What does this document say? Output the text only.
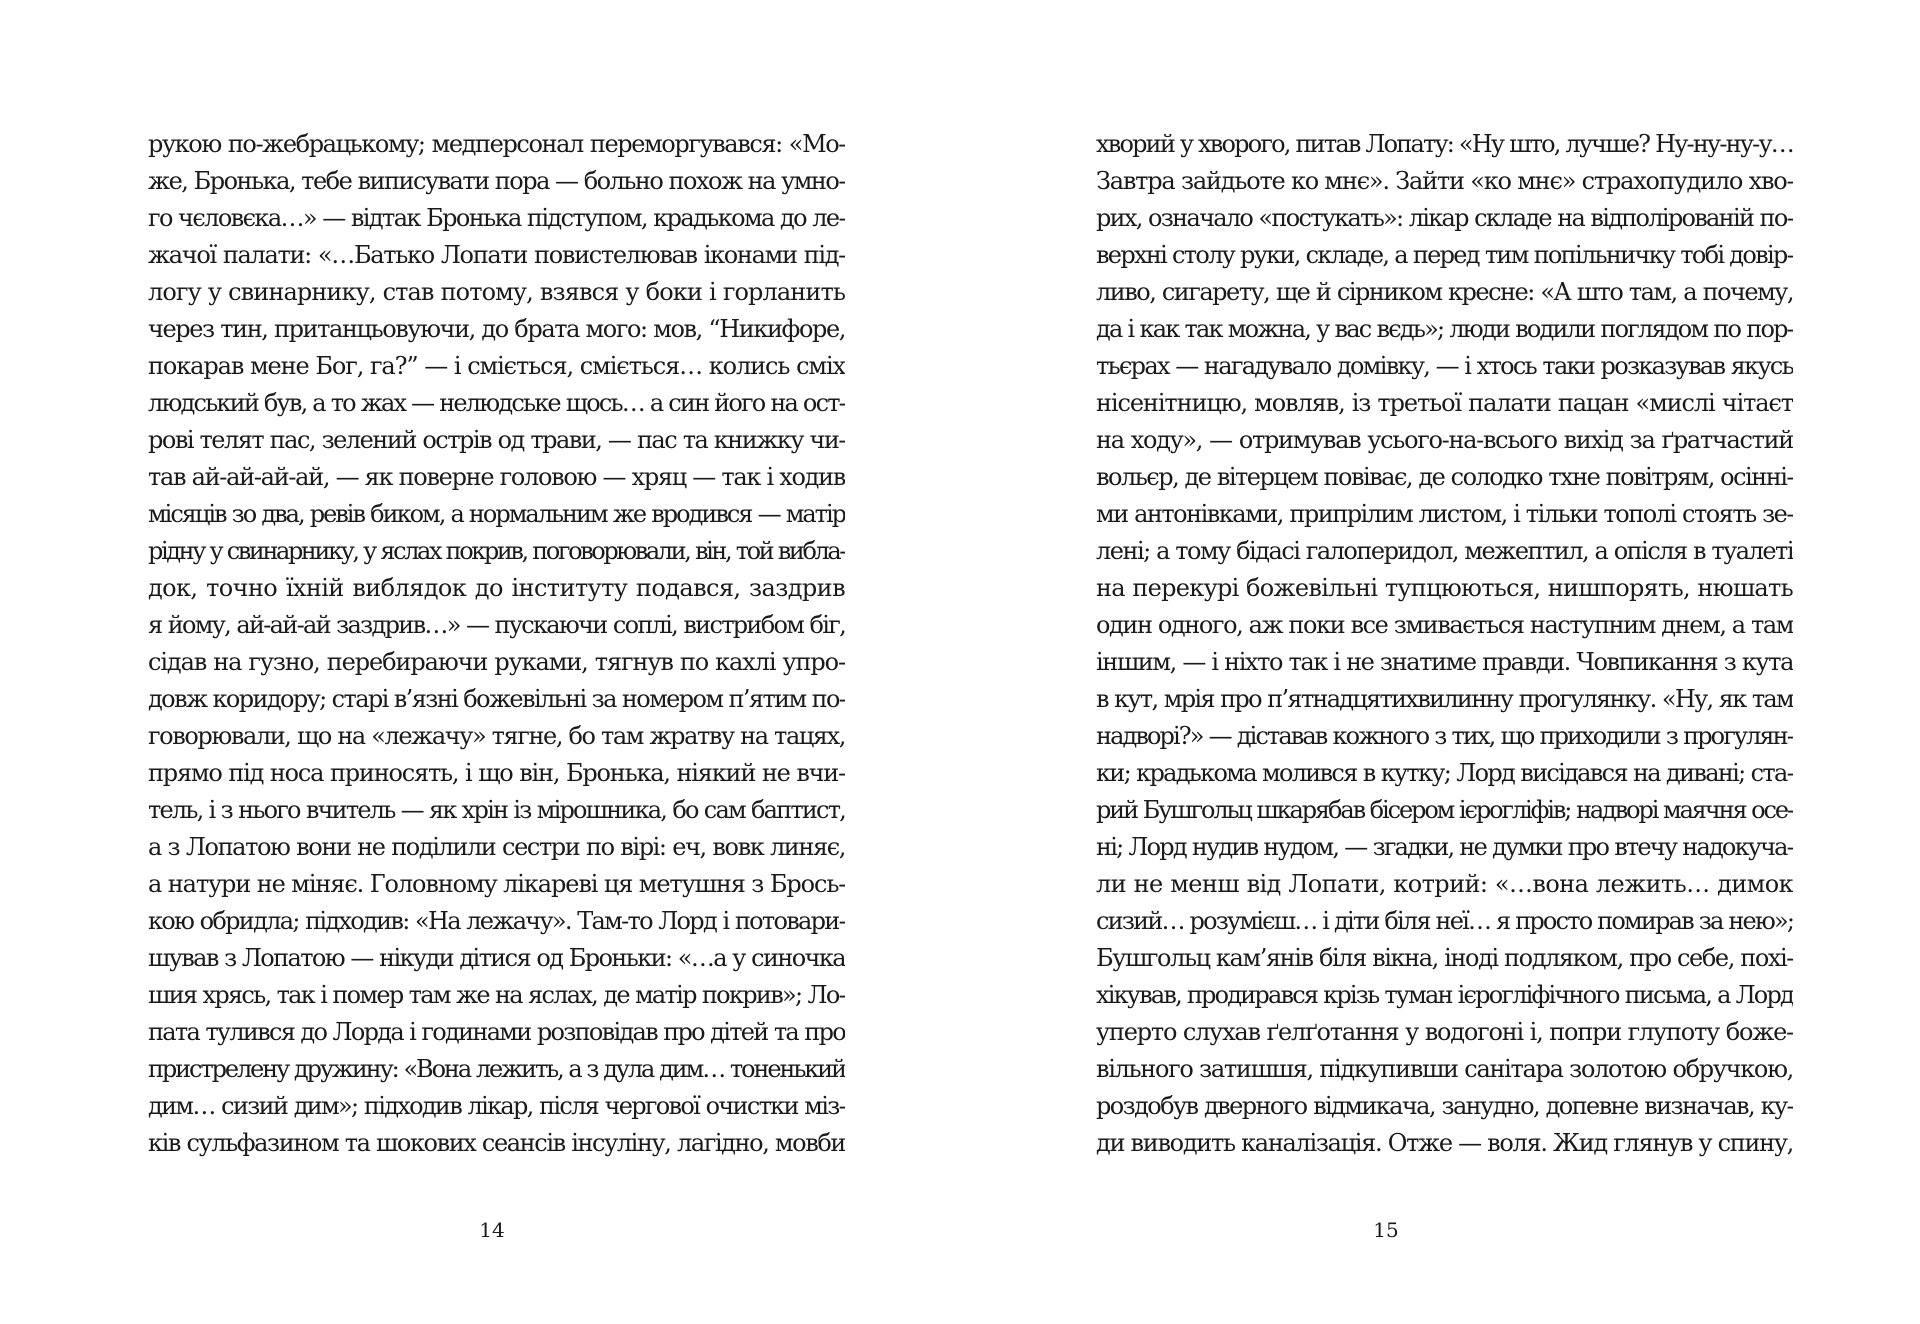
рукою по-жебрацькому; медперсонал переморгувався: «Мо-
же, Бронька, тебе виписувати пора — больно похож на умно-
го чєловєка…» — відтак Бронька підступом, крадькома до ле-
жачої палати: «…Батько Лопати повистелював іконами під-
логу у свинарнику, став потому, взявся у боки і горланить
через тин, пританцьовуючи, до брата мого: мов, “Никифоре,
покарав мене Бог, га?” — і сміється, сміється… колись сміх
людський був, а то жах — нелюдське щось… а син його на ост-
рові телят пас, зелений острів од трави, — пас та книжку чи-
тав ай-ай-ай-ай, — як поверне головою — хряц — так і ходив
місяців зо два, ревів биком, а нормальним же вродився — матір
рідну у свинарнику, у яслах покрив, поговорювали, він, той вибла-
док, точно їхній виблядок до інституту подався, заздрив
я йому, ай-ай-ай заздрив…» — пускаючи соплі, вистрибом біг,
сідав на гузно, перебираючи руками, тягнув по кахлі упро-
довж коридору; старі в’язні божевільні за номером п’ятим по-
говорювали, що на «лежачу» тягне, бо там жратву на тацях,
прямо під носа приносять, і що він, Бронька, ніякий не вчи-
тель, і з нього вчитель — як хрін із мірошника, бо сам баптист,
а з Лопатою вони не поділили сестри по вірі: еч, вовк линяє,
а натури не міняє. Головному лікареві ця метушня з Брось-
кою обридла; підходив: «На лежачу». Там-то Лорд і потовари-
шував з Лопатою — нікуди дітися од Броньки: «…а у синочка
шия хрясь, так і помер там же на яслах, де матір покрив»; Ло-
пата тулився до Лорда і годинами розповідав про дітей та про
пристрелену дружину: «Вона лежить, а з дула дим… тоненький
дим… сизий дим»; підходив лікар, після чергової очистки міз-
ків сульфазином та шокових сеансів інсуліну, лагідно, мовби
14
хворий у хворого, питав Лопату: «Ну што, лучше? Ну-ну-ну-у…
Завтра зайдьоте ко мнє». Зайти «ко мнє» страхопудило хво-
рих, означало «постукать»: лікар складе на відполірованій по-
верхні столу руки, складе, а перед тим попільничку тобі довір-
ливо, сигарету, ще й сірником кресне: «А што там, а почему,
да і как так можна, у вас вєдь»; люди водили поглядом по пор-
тьєрах — нагадувало домівку, — і хтось таки розказував якусь
нісенітницю, мовляв, із третьої палати пацан «мислі чітаєт
на ходу», — отримував усього-на-всього вихід за ґратчастий
вольєр, де вітерцем повіває, де солодко тхне повітрям, осінні-
ми антонівками, припрілим листом, і тільки тополі стоять зе-
лені; а тому бідасі галоперидол, межептил, а опісля в туалеті
на перекурі божевільні тупцюються, нишпорять, нюшать
один одного, аж поки все змивається наступним днем, а там
іншим, — і ніхто так і не знатиме правди. Човпикання з кута
в кут, мрія про п’ятнадцятихвилинну прогулянку. «Ну, як там
надворі?» — діставав кожного з тих, що приходили з прогулян-
ки; крадькома молився в кутку; Лорд висідався на дивані; ста-
рий Бушгольц шкарябав бісером ієрогліфів; надворі маячня осе-
ні; Лорд нудив нудом, — згадки, не думки про втечу надокуча-
ли не менш від Лопати, котрий: «…вона лежить… димок
сизий… розумієш… і діти біля неї… я просто помирав за нею»;
Бушгольц кам’янів біля вікна, іноді подляком, про себе, похі-
хікував, продирався крізь туман ієрогліфічного письма, а Лорд
уперто слухав ґелґотання у водогоні і, попри глупоту боже-
вільного затишшя, підкупивши санітара золотою обручкою,
роздобув дверного відмикача, занудно, допевне визначав, ку-
ди виводить каналізація. Отже — воля. Жид глянув у спину,
15
